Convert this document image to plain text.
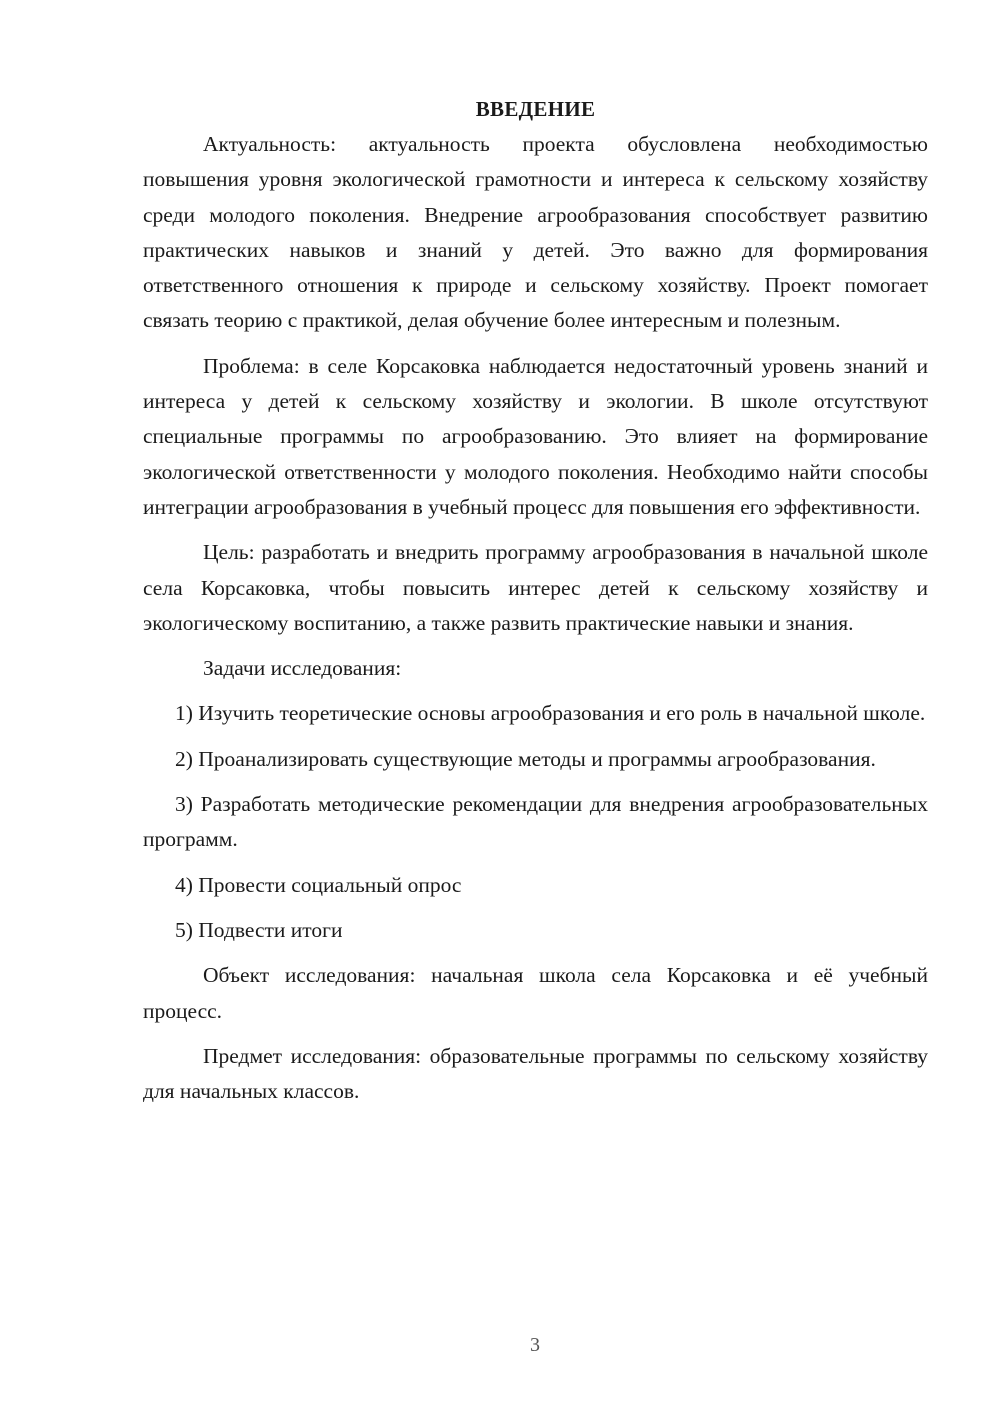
ВВЕДЕНИЕ

Актуальность: актуальность проекта обусловлена необходимостью повышения уровня экологической грамотности и интереса к сельскому хозяйству среди молодого поколения. Внедрение агрообразования способствует развитию практических навыков и знаний у детей. Это важно для формирования ответственного отношения к природе и сельскому хозяйству. Проект помогает связать теорию с практикой, делая обучение более интересным и полезным.

Проблема: в селе Корсаковка наблюдается недостаточный уровень знаний и интереса у детей к сельскому хозяйству и экологии. В школе отсутствуют специальные программы по агрообразованию. Это влияет на формирование экологической ответственности у молодого поколения. Необходимо найти способы интеграции агрообразования в учебный процесс для повышения его эффективности.

Цель: разработать и внедрить программу агрообразования в начальной школе села Корсаковка, чтобы повысить интерес детей к сельскому хозяйству и экологическому воспитанию, а также развить практические навыки и знания.

Задачи исследования:

1) Изучить теоретические основы агрообразования и его роль в начальной школе.

2) Проанализировать существующие методы и программы агрообразования.

3) Разработать методические рекомендации для внедрения агрообразовательных программ.

4) Провести социальный опрос

5) Подвести итоги

Объект исследования: начальная школа села Корсаковка и её учебный процесс.

Предмет исследования: образовательные программы по сельскому хозяйству для начальных классов.

3
